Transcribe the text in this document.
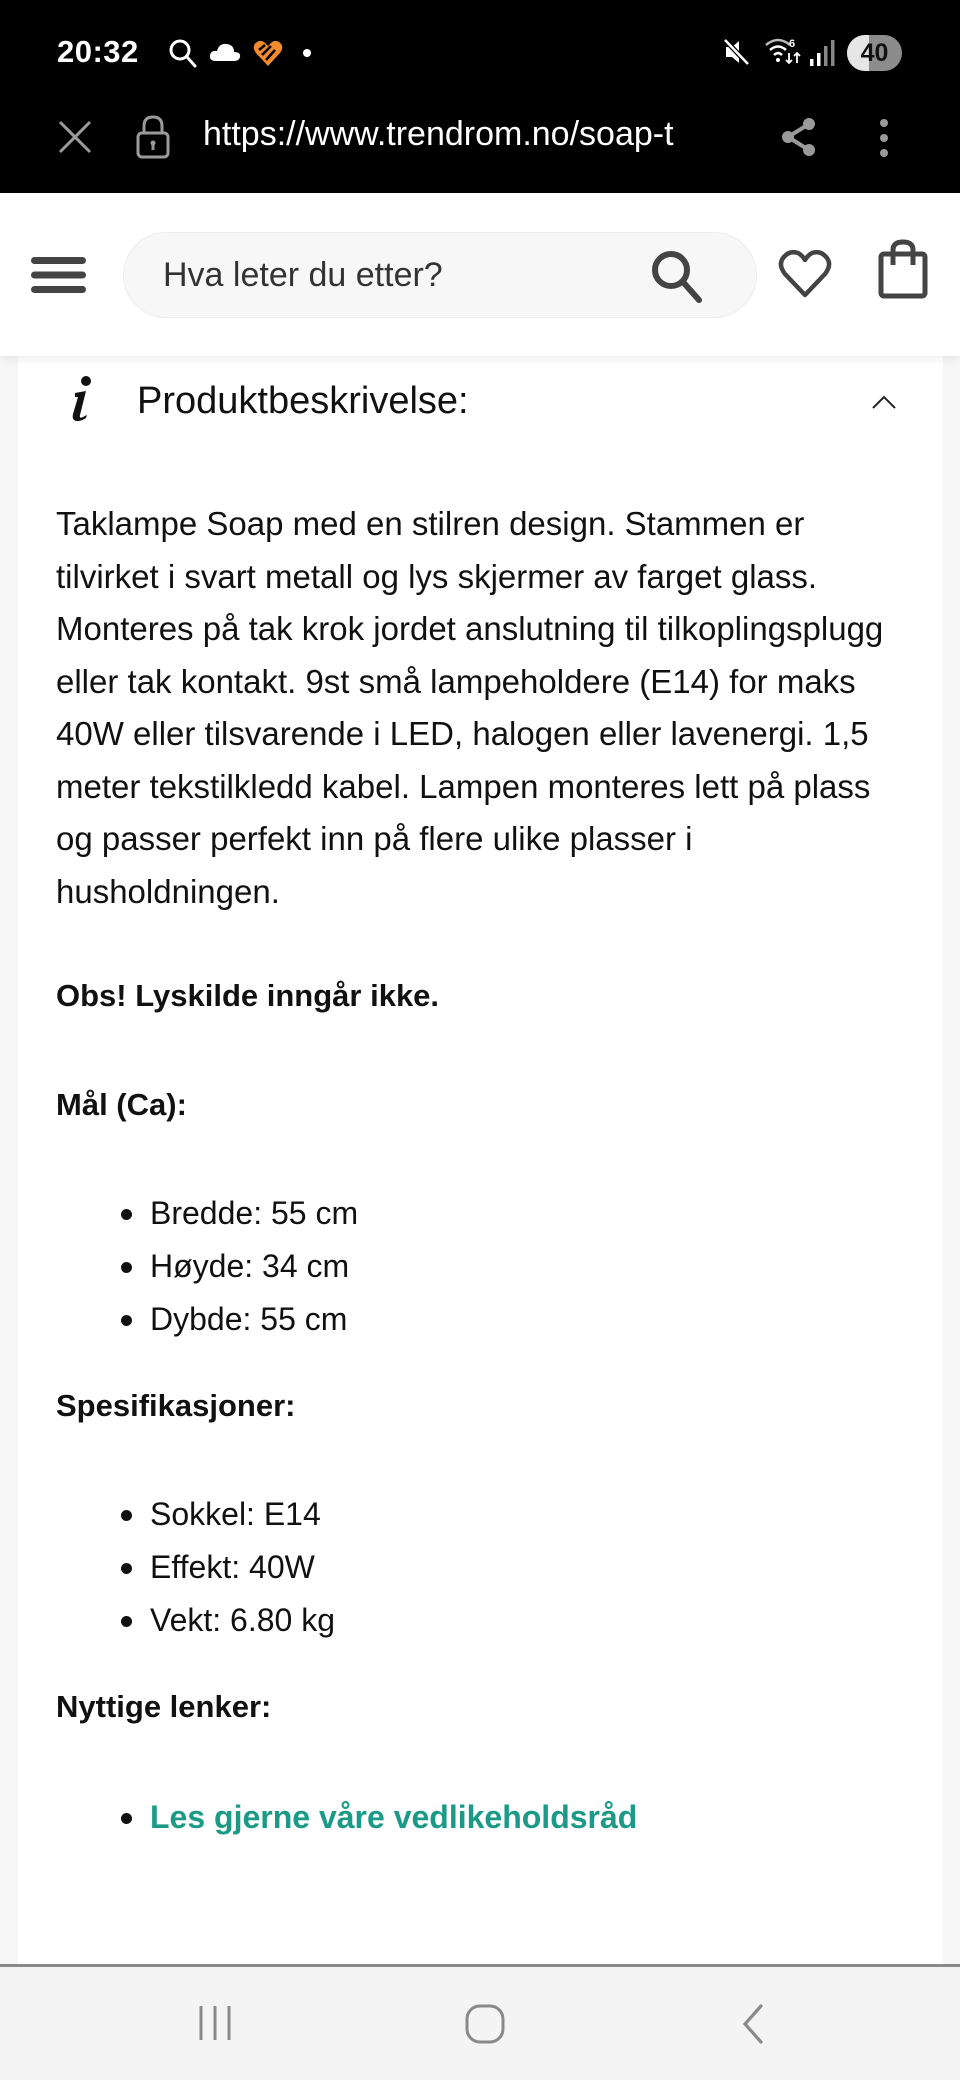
20:32	6	40
https://www.trendrom.no/soap-t
Hva leter du etter?
Produktbeskrivelse:

Taklampe Soap med en stilren design. Stammen er tilvirket i svart metall og lys skjermer av farget glass. Monteres på tak krok jordet anslutning til tilkoplingsplugg eller tak kontakt. 9st små lampeholdere (E14) for maks 40W eller tilsvarende i LED, halogen eller lavenergi. 1,5 meter tekstilkledd kabel. Lampen monteres lett på plass og passer perfekt inn på flere ulike plasser i husholdningen.

Obs! Lyskilde inngår ikke.
Mål (Ca):
Bredde: 55 cm
Høyde: 34 cm
Dybde: 55 cm
Spesifikasjoner:
Sokkel: E14
Effekt: 40W
Vekt: 6.80 kg
Nyttige lenker:
Les gjerne våre vedlikeholdsråd
